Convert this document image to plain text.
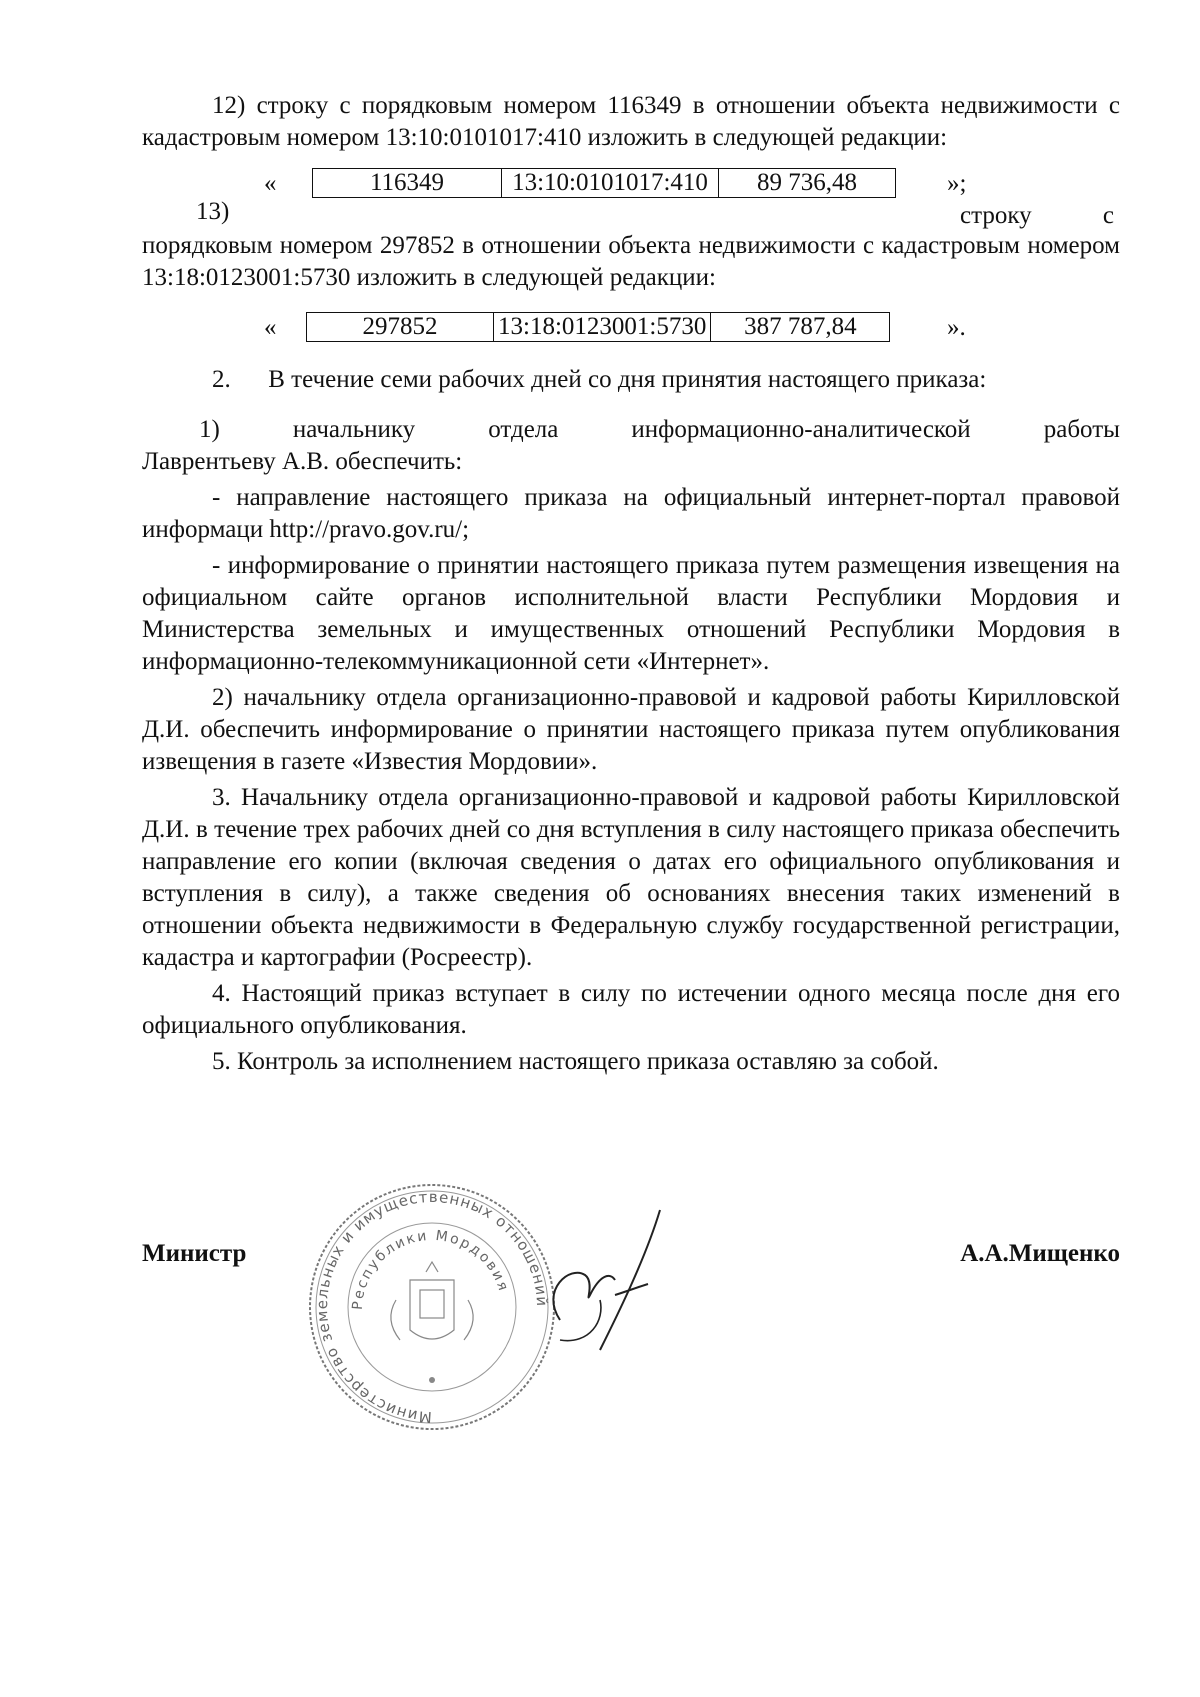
12) строку с порядковым номером 116349 в отношении объекта недвижимости с кадастровым номером 13:10:0101017:410 изложить в следующей редакции:

«	116349	13:10:0101017:410	89 736,48	»;
13)	строку	с

порядковым номером 297852 в отношении объекта недвижимости с кадастровым номером 13:18:0123001:5730 изложить в следующей редакции:

«	297852	13:18:0123001:5730	387 787,84	».

2.      В течение семи рабочих дней со дня принятия настоящего приказа:

1)	начальнику	отдела	информационно-аналитической	работы

Лаврентьеву А.В. обеспечить:

- направление настоящего приказа на официальный интернет-портал правовой информаци http://pravo.gov.ru/;

- информирование о принятии настоящего приказа путем размещения извещения на официальном сайте органов исполнительной власти Республики Мордовия и Министерства земельных и имущественных отношений Республики Мордовия в информационно-телекоммуникационной сети «Интернет».

2) начальнику отдела организационно-правовой и кадровой работы Кирилловской Д.И. обеспечить информирование о принятии настоящего приказа путем опубликования извещения в газете «Известия Мордовии».

3. Начальнику отдела организационно-правовой и кадровой работы Кирилловской Д.И. в течение трех рабочих дней со дня вступления в силу настоящего приказа обеспечить направление его копии (включая сведения о датах его официального опубликования и вступления в силу), а также сведения об основаниях внесения таких изменений в отношении объекта недвижимости в Федеральную службу государственной регистрации, кадастра и картографии (Росреестр).

4. Настоящий приказ вступает в силу по истечении одного месяца после дня его официального опубликования.

5. Контроль за исполнением настоящего приказа оставляю за собой.

Министр	А.А.Мищенко
Министерство земельных и имущественных отношений
Республики Мордовия
